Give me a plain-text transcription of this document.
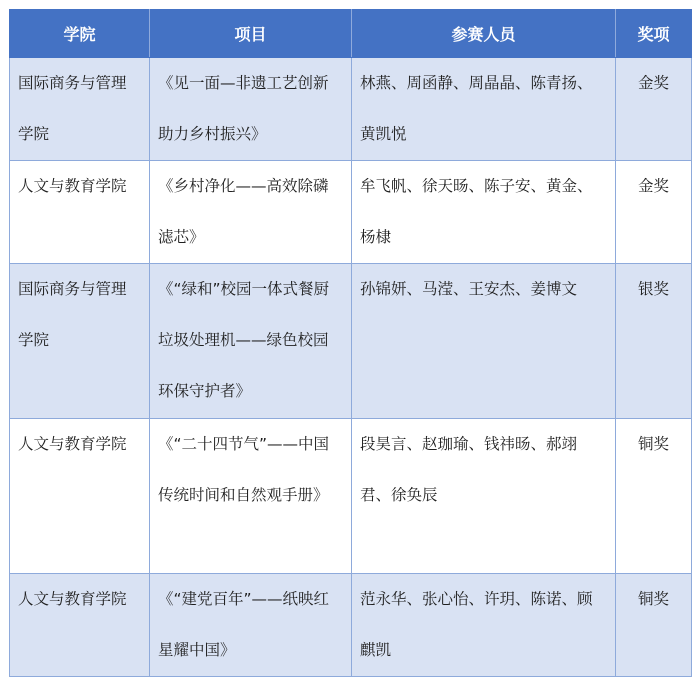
学院	项目	参赛人员	奖项
国际商务与管理学院	《见一面—非遗工艺创新助力乡村振兴》	林燕、周函静、周晶晶、陈青扬、黄凯悦	金奖
人文与教育学院	《乡村净化——高效除磷滤芯》	牟飞帆、徐天旸、陈子安、黄金、杨棣	金奖
国际商务与管理学院	《“绿和”校园一体式餐厨垃圾处理机——绿色校园环保守护者》	孙锦妍、马滢、王安杰、姜博文	银奖
人文与教育学院	《“二十四节气”——中国传统时间和自然观手册》	段昊言、赵珈瑜、钱祎旸、郝翊君、徐奂辰	铜奖
人文与教育学院	《“建党百年”——纸映红星耀中国》	范永华、张心怡、许玥、陈诺、顾麒凯	铜奖
